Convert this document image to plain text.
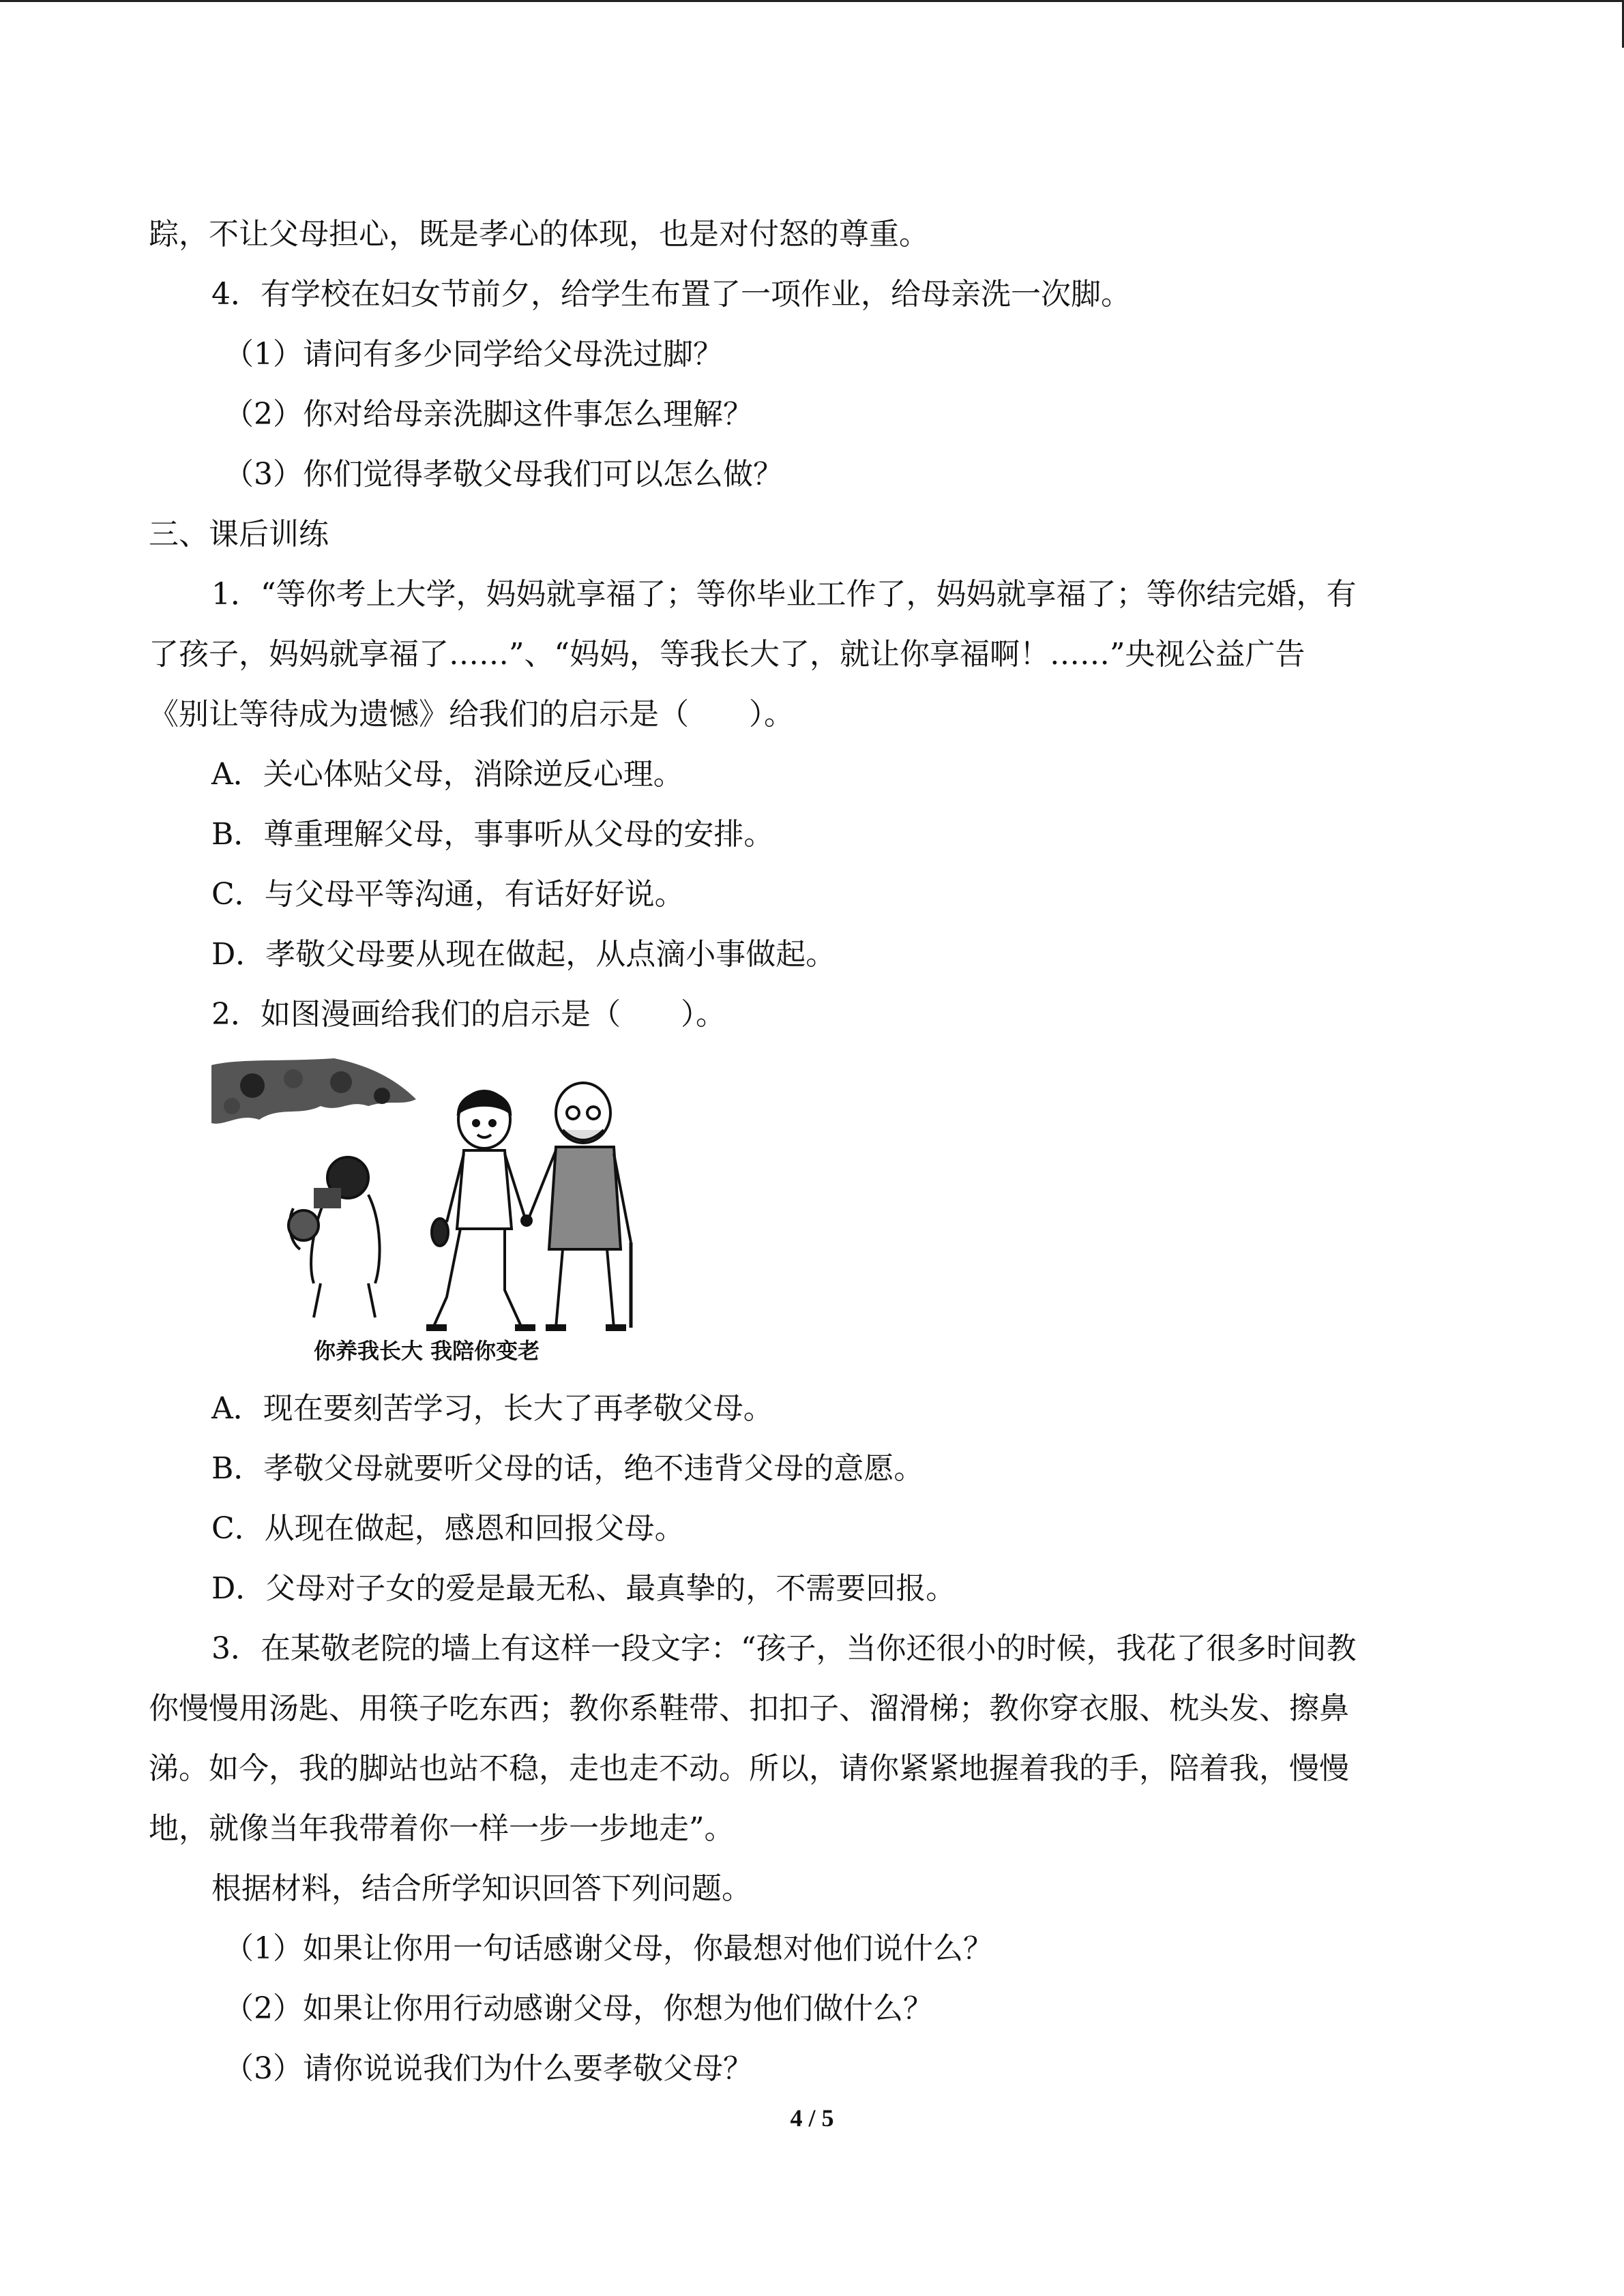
踪，不让父母担心，既是孝心的体现，也是对付怒的尊重。
4．有学校在妇女节前夕，给学生布置了一项作业，给母亲洗一次脚。
（1）请问有多少同学给父母洗过脚？
（2）你对给母亲洗脚这件事怎么理解？
（3）你们觉得孝敬父母我们可以怎么做？
三、课后训练
1．“等你考上大学，妈妈就享福了；等你毕业工作了，妈妈就享福了；等你结完婚，有
了孩子，妈妈就享福了……”、“妈妈，等我长大了，就让你享福啊！……”央视公益广告
《别让等待成为遗憾》给我们的启示是（　　）。
A．关心体贴父母，消除逆反心理。
B．尊重理解父母，事事听从父母的安排。
C．与父母平等沟通，有话好好说。
D．孝敬父母要从现在做起，从点滴小事做起。
2．如图漫画给我们的启示是（　　）。
你养我长大 我陪你变老
A．现在要刻苦学习，长大了再孝敬父母。
B．孝敬父母就要听父母的话，绝不违背父母的意愿。
C．从现在做起，感恩和回报父母。
D．父母对子女的爱是最无私、最真挚的，不需要回报。
3．在某敬老院的墙上有这样一段文字：“孩子，当你还很小的时候，我花了很多时间教
你慢慢用汤匙、用筷子吃东西；教你系鞋带、扣扣子、溜滑梯；教你穿衣服、枕头发、擦鼻
涕。如今，我的脚站也站不稳，走也走不动。所以，请你紧紧地握着我的手，陪着我，慢慢
地，就像当年我带着你一样一步一步地走”。
根据材料，结合所学知识回答下列问题。
（1）如果让你用一句话感谢父母，你最想对他们说什么？
（2）如果让你用行动感谢父母，你想为他们做什么？
（3）请你说说我们为什么要孝敬父母？
4 / 5
